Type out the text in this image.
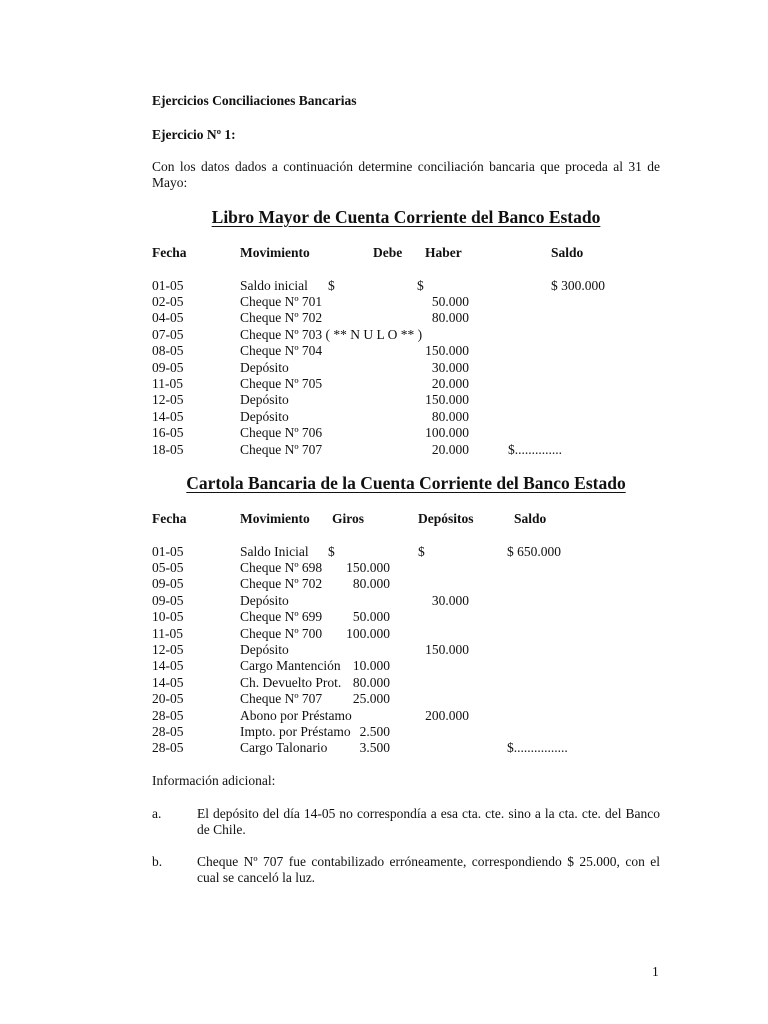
Ejercicios Conciliaciones Bancarias
Ejercicio Nº 1:
Con los datos dados a continuación determine conciliación bancaria que proceda al 31 de Mayo:
Libro Mayor de Cuenta Corriente del Banco Estado
Fecha	Movimiento	Debe Haber	Saldo
01-05	Saldo inicial $	$	$ 300.000
02-05	Cheque Nº 701	50.000
04-05	Cheque Nº 702	80.000
07-05	Cheque Nº 703 ( ** N U L O ** )
08-05	Cheque Nº 704	150.000
09-05	Depósito	30.000
11-05	Cheque Nº 705	20.000
12-05	Depósito	150.000
14-05	Depósito	80.000
16-05	Cheque Nº 706	100.000
18-05	Cheque Nº 707	20.000	$..............
Cartola Bancaria de la Cuenta Corriente del Banco Estado
Fecha	Movimiento Giros	Depósitos	Saldo
01-05	Saldo Inicial $	$	$ 650.000
05-05	Cheque Nº 698	150.000
09-05	Cheque Nº 702	80.000
09-05	Depósito	30.000
10-05	Cheque Nº 699	50.000
11-05	Cheque Nº 700	100.000
12-05	Depósito	150.000
14-05	Cargo Mantención 10.000
14-05	Ch. Devuelto Prot. 80.000
20-05	Cheque Nº 707	25.000
28-05	Abono por Préstamo	200.000
28-05	Impto. por Préstamo 2.500
28-05	Cargo Talonario	3.500	$................
Información adicional:
a.	El depósito del día 14-05 no correspondía a esa cta. cte. sino a la cta. cte. del Banco de Chile.
b.	Cheque Nº 707 fue contabilizado erróneamente, correspondiendo $ 25.000, con el cual se canceló la luz.
1
